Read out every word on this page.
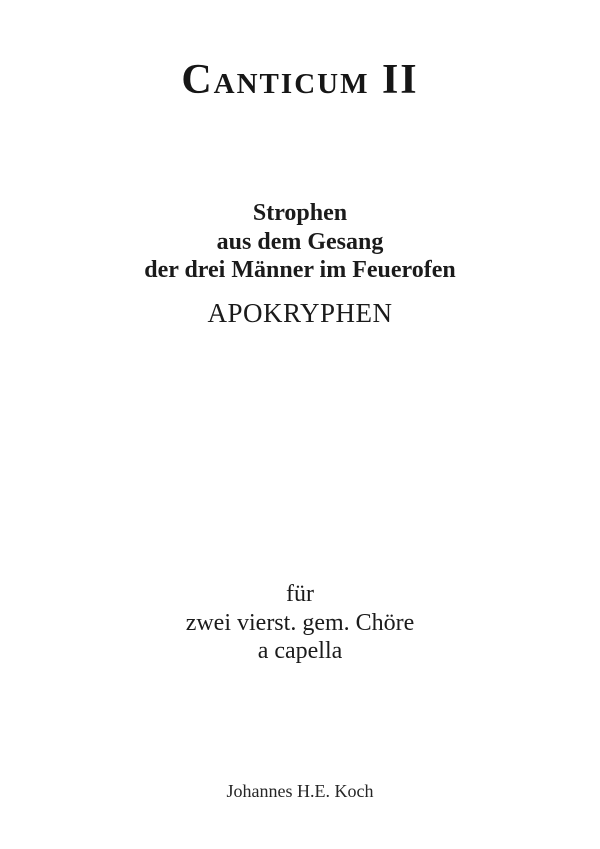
Canticum II
Strophen
aus dem Gesang
der drei Männer im Feuerofen
APOKRYPHEN
für
zwei vierst. gem. Chöre
a capella
Johannes H.E. Koch
